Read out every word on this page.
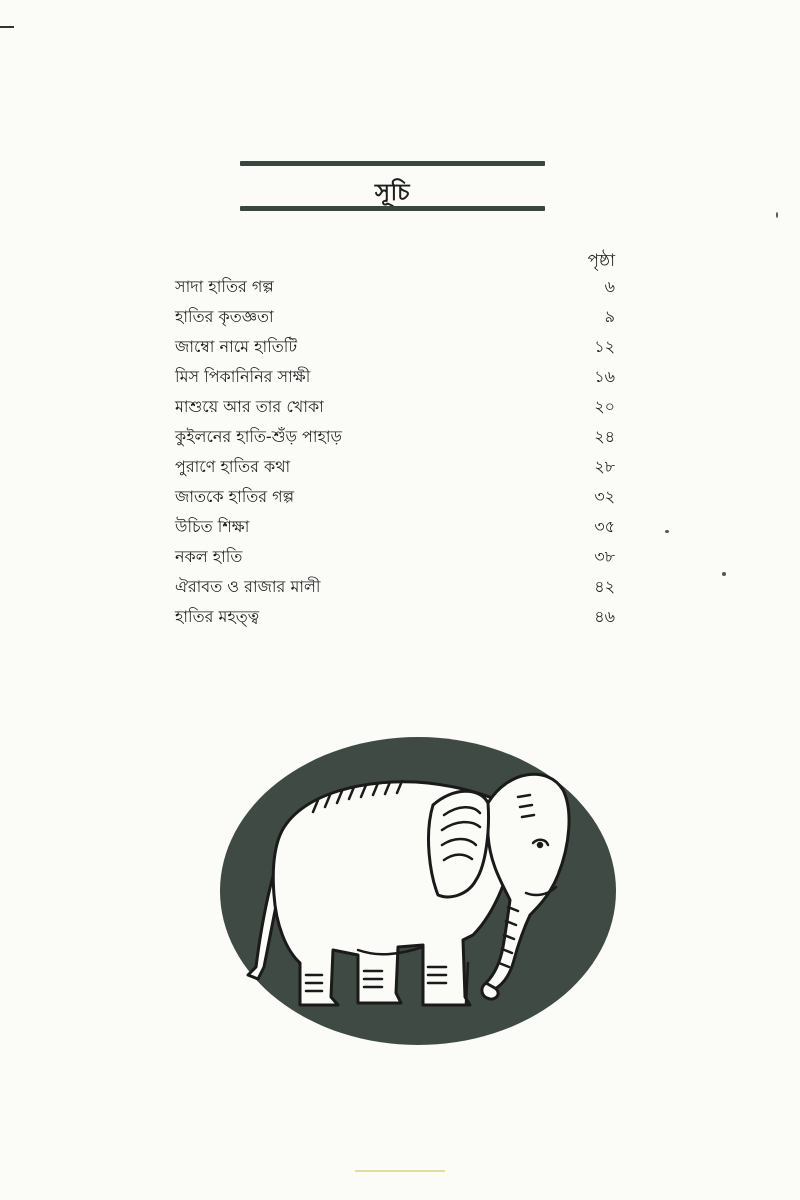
সূচি
পৃষ্ঠা
সাদা হাতির গল্প	৬
হাতির কৃতজ্ঞতা	৯
জাম্বো নামে হাতিটি	১২
মিস পিকানিনির সাক্ষী	১৬
মাশুয়ে আর তার খোকা	২০
কুইলনের হাতি-শুঁড় পাহাড়	২৪
পুরাণে হাতির কথা	২৮
জাতকে হাতির গল্প	৩২
উচিত শিক্ষা	৩৫
নকল হাতি	৩৮
ঐরাবত ও রাজার মালী	৪২
হাতির মহত্ত্ব	৪৬
